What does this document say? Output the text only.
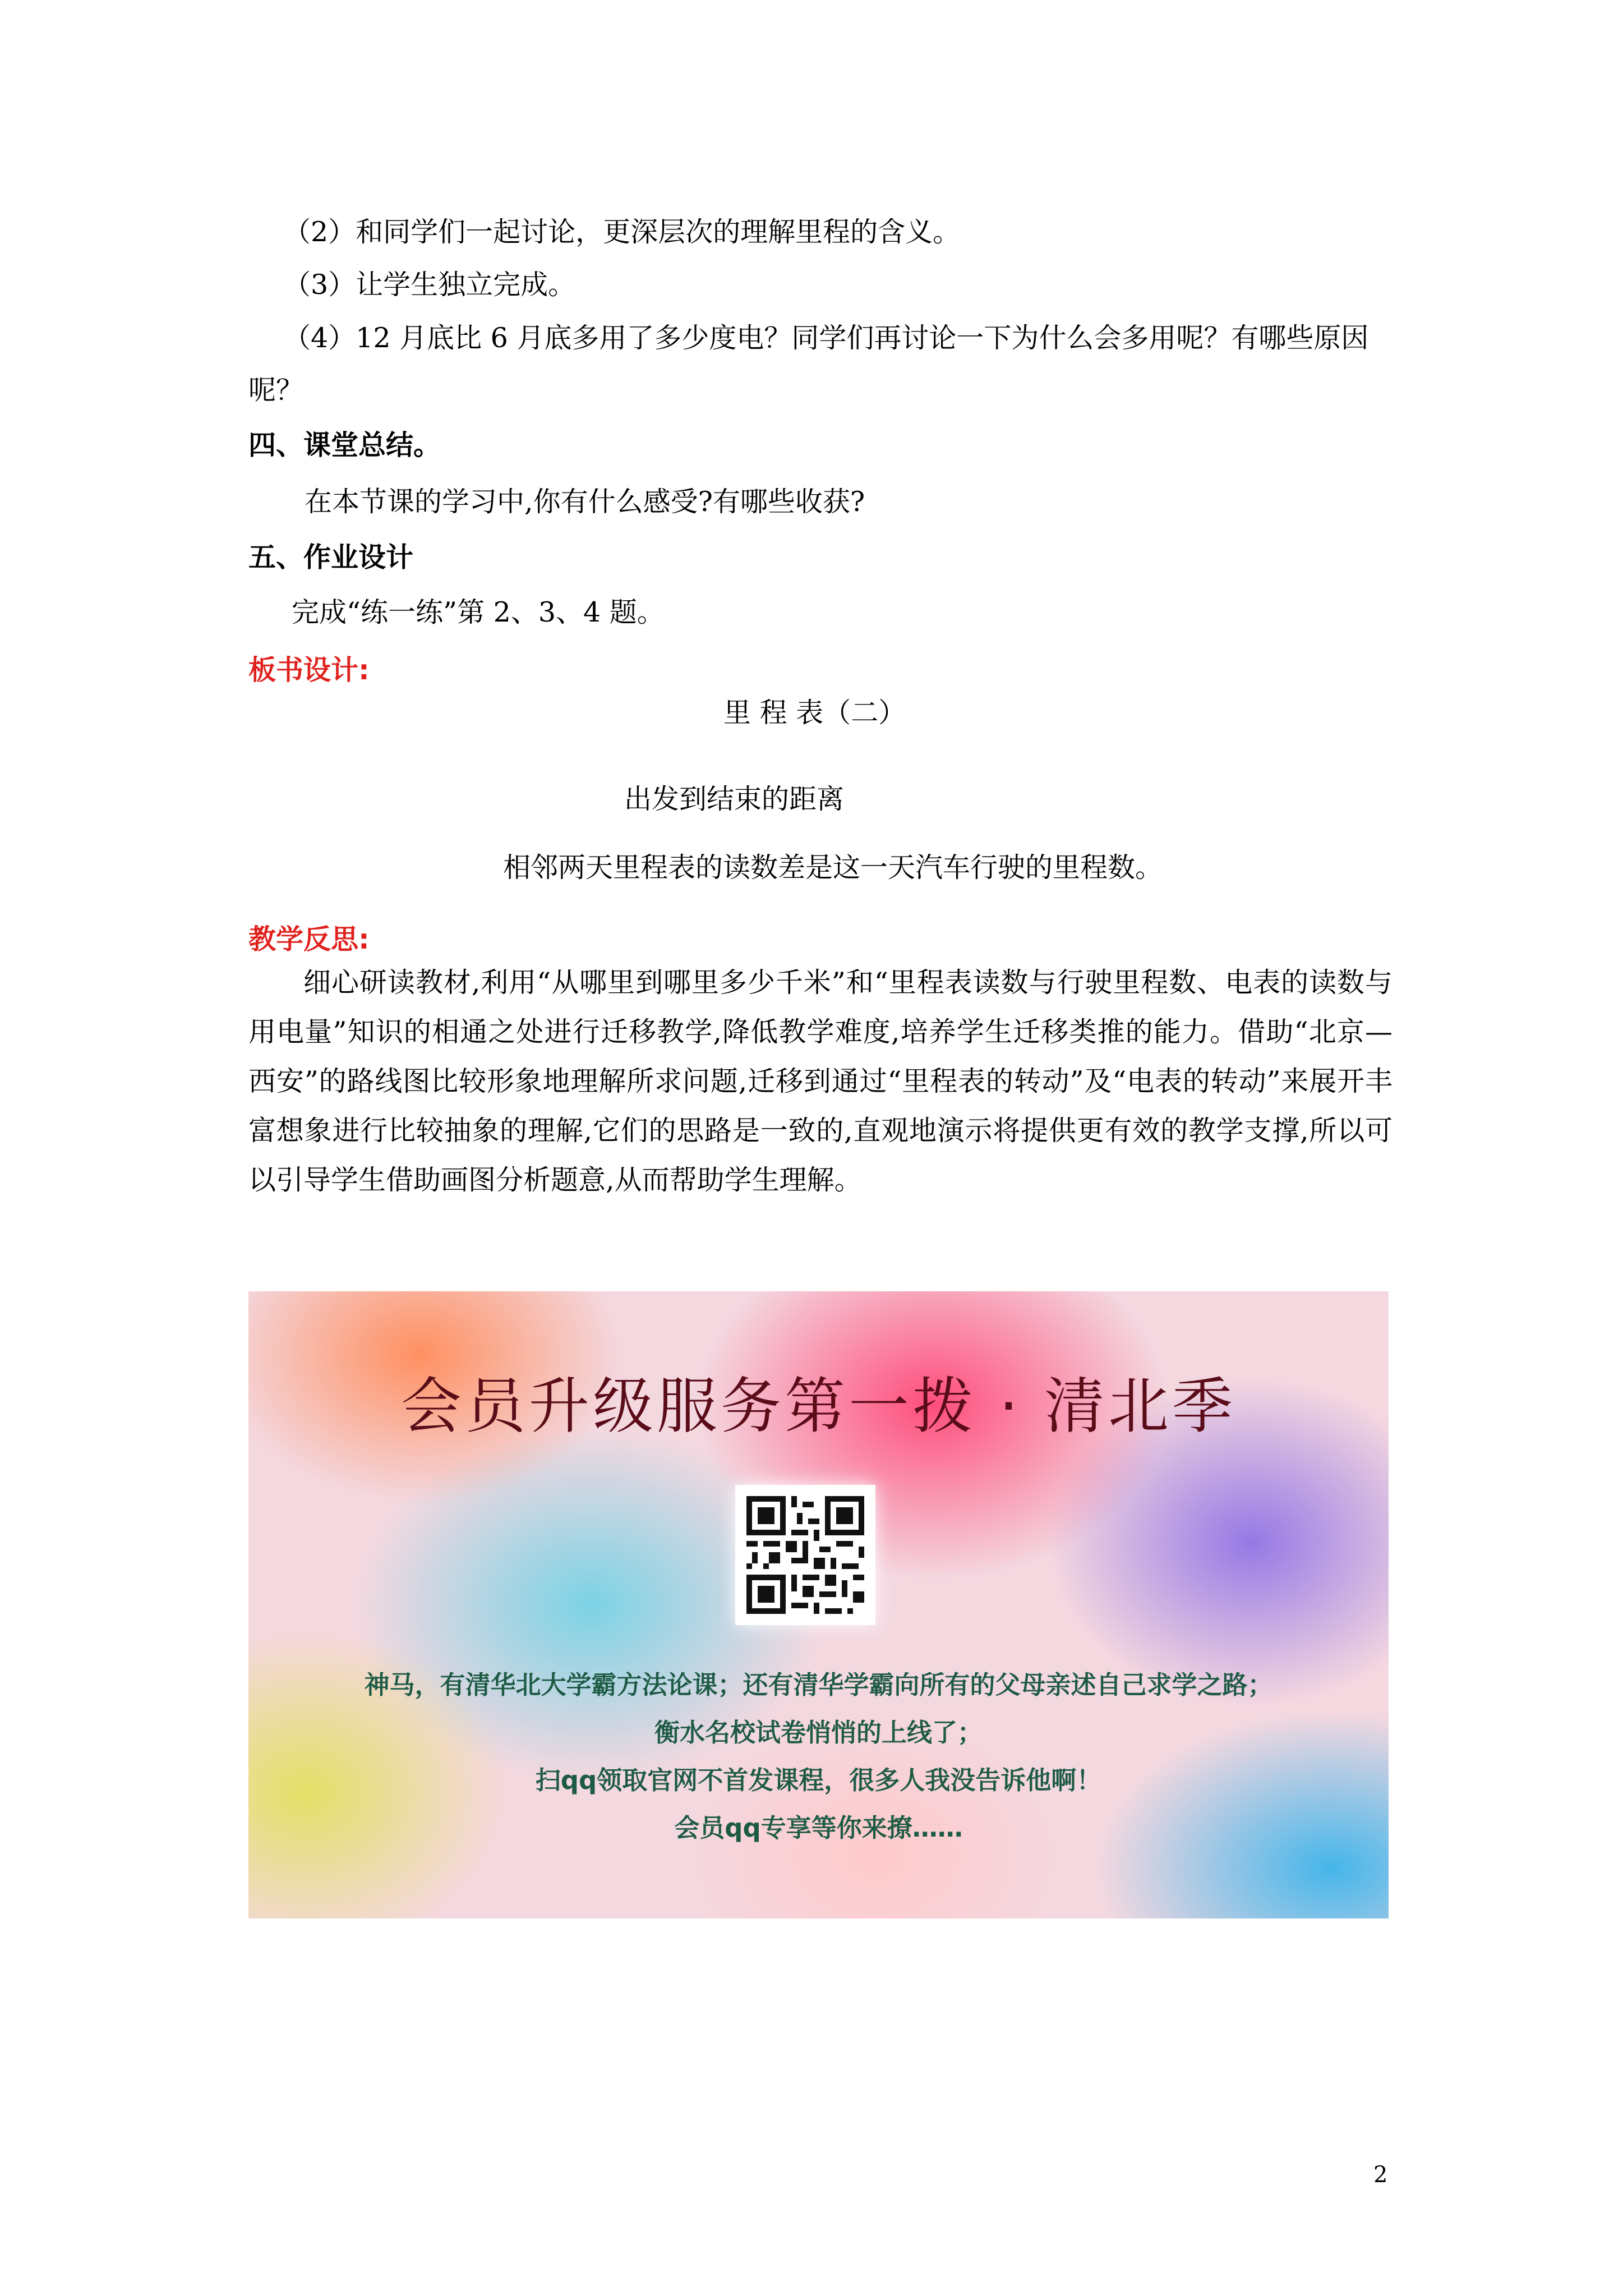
（2）和同学们一起讨论，更深层次的理解里程的含义。
（3）让学生独立完成。
（4）12 月底比 6 月底多用了多少度电？同学们再讨论一下为什么会多用呢？有哪些原因
呢？
四、课堂总结。
在本节课的学习中,你有什么感受?有哪些收获?
五、作业设计
完成“练一练”第 2、3、4 题。
板书设计:
里 程 表（二）
出发到结束的距离
相邻两天里程表的读数差是这一天汽车行驶的里程数。
教学反思:
细心研读教材,利用“从哪里到哪里多少千米”和“里程表读数与行驶里程数、电表的读数与用电量”知识的相通之处进行迁移教学,降低教学难度,培养学生迁移类推的能力。借助“北京—西安”的路线图比较形象地理解所求问题,迁移到通过“里程表的转动”及“电表的转动”来展开丰富想象进行比较抽象的理解,它们的思路是一致的,直观地演示将提供更有效的教学支撑,所以可以引导学生借助画图分析题意,从而帮助学生理解。
会员升级服务第一拨 · 清北季
神马，有清华北大学霸方法论课；还有清华学霸向所有的父母亲述自己求学之路；
衡水名校试卷悄悄的上线了；
扫qq领取官网不首发课程，很多人我没告诉他啊！
会员qq专享等你来撩……
2
